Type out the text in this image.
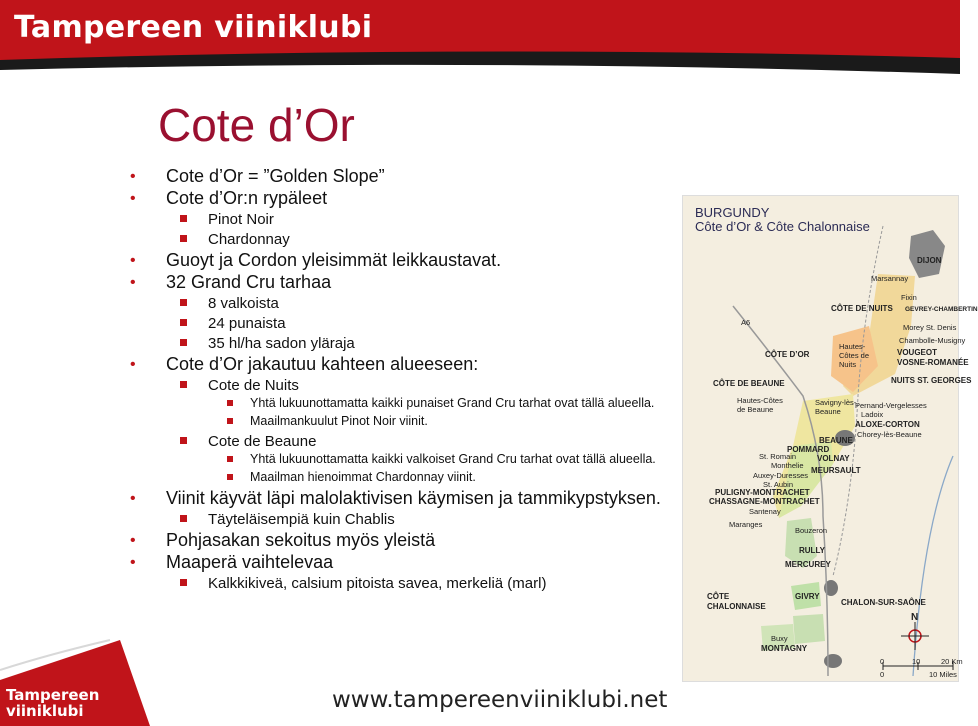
Tampereen viiniklubi
Cote d’Or
• Cote d’Or = ”Golden Slope”
• Cote d’Or:n rypäleet
Pinot Noir
Chardonnay
• Guoyt ja Cordon yleisimmät leikkaustavat.
• 32 Grand Cru tarhaa
8 valkoista
24 punaista
35 hl/ha sadon yläraja
• Cote d’Or jakautuu kahteen alueeseen:
Cote de Nuits
Yhtä lukuunottamatta kaikki punaiset Grand Cru tarhat ovat tällä alueella.
Maailmankuulut Pinot Noir viinit.
Cote de Beaune
Yhtä lukuunottamatta kaikki valkoiset Grand Cru tarhat ovat tällä alueella.
Maailman hienoimmat Chardonnay viinit.
• Viinit käyvät läpi malolaktivisen käymisen ja tammikypstyksen.
Täyteläisempiä kuin Chablis
• Pohjasakan sekoitus myös yleistä
• Maaperä vaihtelevaa
Kalkkikiveä, calsium pitoista savea, merkeliä (marl)
BURGUNDY
Côte d’Or & Côte Chalonnaise
DIJON
Marsannay
Fixin
GEVREY-CHAMBERTIN
CÔTE DE NUITS
Morey St. Denis
Chambolle-Musigny
Hautes-Côtes de Nuits
VOUGEOT
VOSNE-ROMANÉE
CÔTE D’OR
NUITS ST. GEORGES
CÔTE DE BEAUNE
Hautes-Côtes de Beaune
Savigny-lès-Beaune
Pernand-Vergelesses
Ladoix
ALOXE-CORTON
Chorey-lès-Beaune
BEAUNE
POMMARD
St. Romain	VOLNAY
Monthelie
MEURSAULT
Auxey-Duresses
St. Aubin
PULIGNY-MONTRACHET
CHASSAGNE-MONTRACHET
Santenay
Maranges
Bouzeron
RULLY
MERCUREY
CÔTE CHALONNAISE
GIVRY
CHALON-SUR-SAÔNE
Buxy
MONTAGNY
N
A6
0	10	20 Km
0	10 Miles
Tampereen
viiniklubi	www.tampereenviiniklubi.net
